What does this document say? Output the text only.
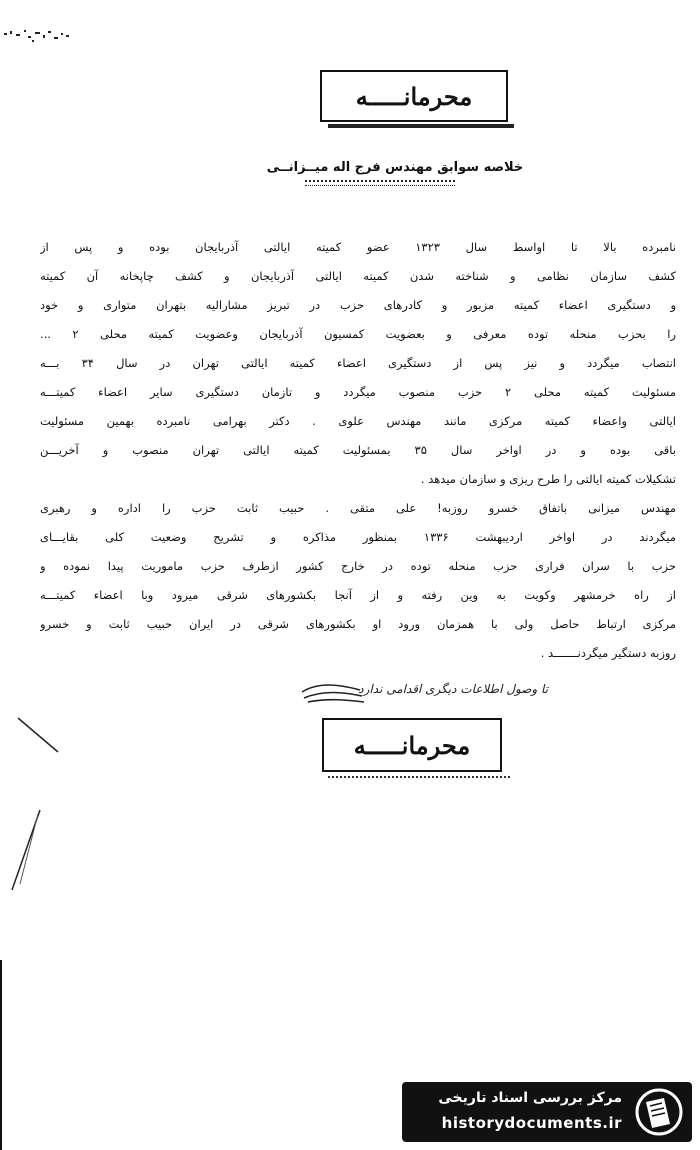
محرمانـــــه
خلاصه سوابق مهندس فرج اله میــزانــی
نامبرده بالا تا اواسط سال ۱۳۲۳ عضو کمیته ایالتی آذربایجان بوده و پس از
کشف سازمان نظامی و شناخته شدن کمیته ایالتی آذربایجان و کشف چاپخانه آن کمیته
و دستگیری اعضاء کمیته مزبور و کادرهای حزب در تبریز مشارالیه بتهران متواری و خود
را بحزب منحله توده معرفی و بعضویت کمسیون آذربایجان وعضویت کمیته محلی ۲ ...
انتصاب میگردد و نیز پس از دستگیری اعضاء کمیته ایالتی تهران در سال ۳۴ بـــه
مسئولیت کمیته محلی ۲ حزب منصوب میگردد و تازمان دستگیری سایر اعضاء کمیتـــه
ایالتی واعضاء کمیته مرکزی مانند مهندس علوی . دکتر بهرامی نامبرده بهمین مسئولیت
باقی بوده و در اواخر سال ۳۵ بمسئولیت کمیته ایالتی تهران منصوب و آخریـــن
تشکیلات کمیته ایالتی را طرح ریزی و سازمان میدهد .
مهندس میزانی باتفاق خسرو روزبه! علی متقی . حبیب ثابت حزب را اداره و رهبری
میگردند در اواخر اردیبهشت ۱۳۳۶ بمنظور مذاکره و تشریح وضعیت کلی بقایـــای
حزب با سران فراری حزب منحله توده در خارج کشور ازطرف حزب ماموریت پیدا نموده و
از راه خرمشهر وکویت به وین رفته و از آنجا بکشورهای شرقی میرود وبا اعضاء کمیتـــه
مرکزی ارتباط حاصل ولی با همزمان ورود او بکشورهای شرقی در ایران حبیب ثابت و خسرو
روزبه دستگیر میگردنـــــــد .
تا وصول اطلاعات دیگری اقدامی ندارد
محرمانـــــه
مرکز بررسی اسناد تاریخی
historydocuments.ir
